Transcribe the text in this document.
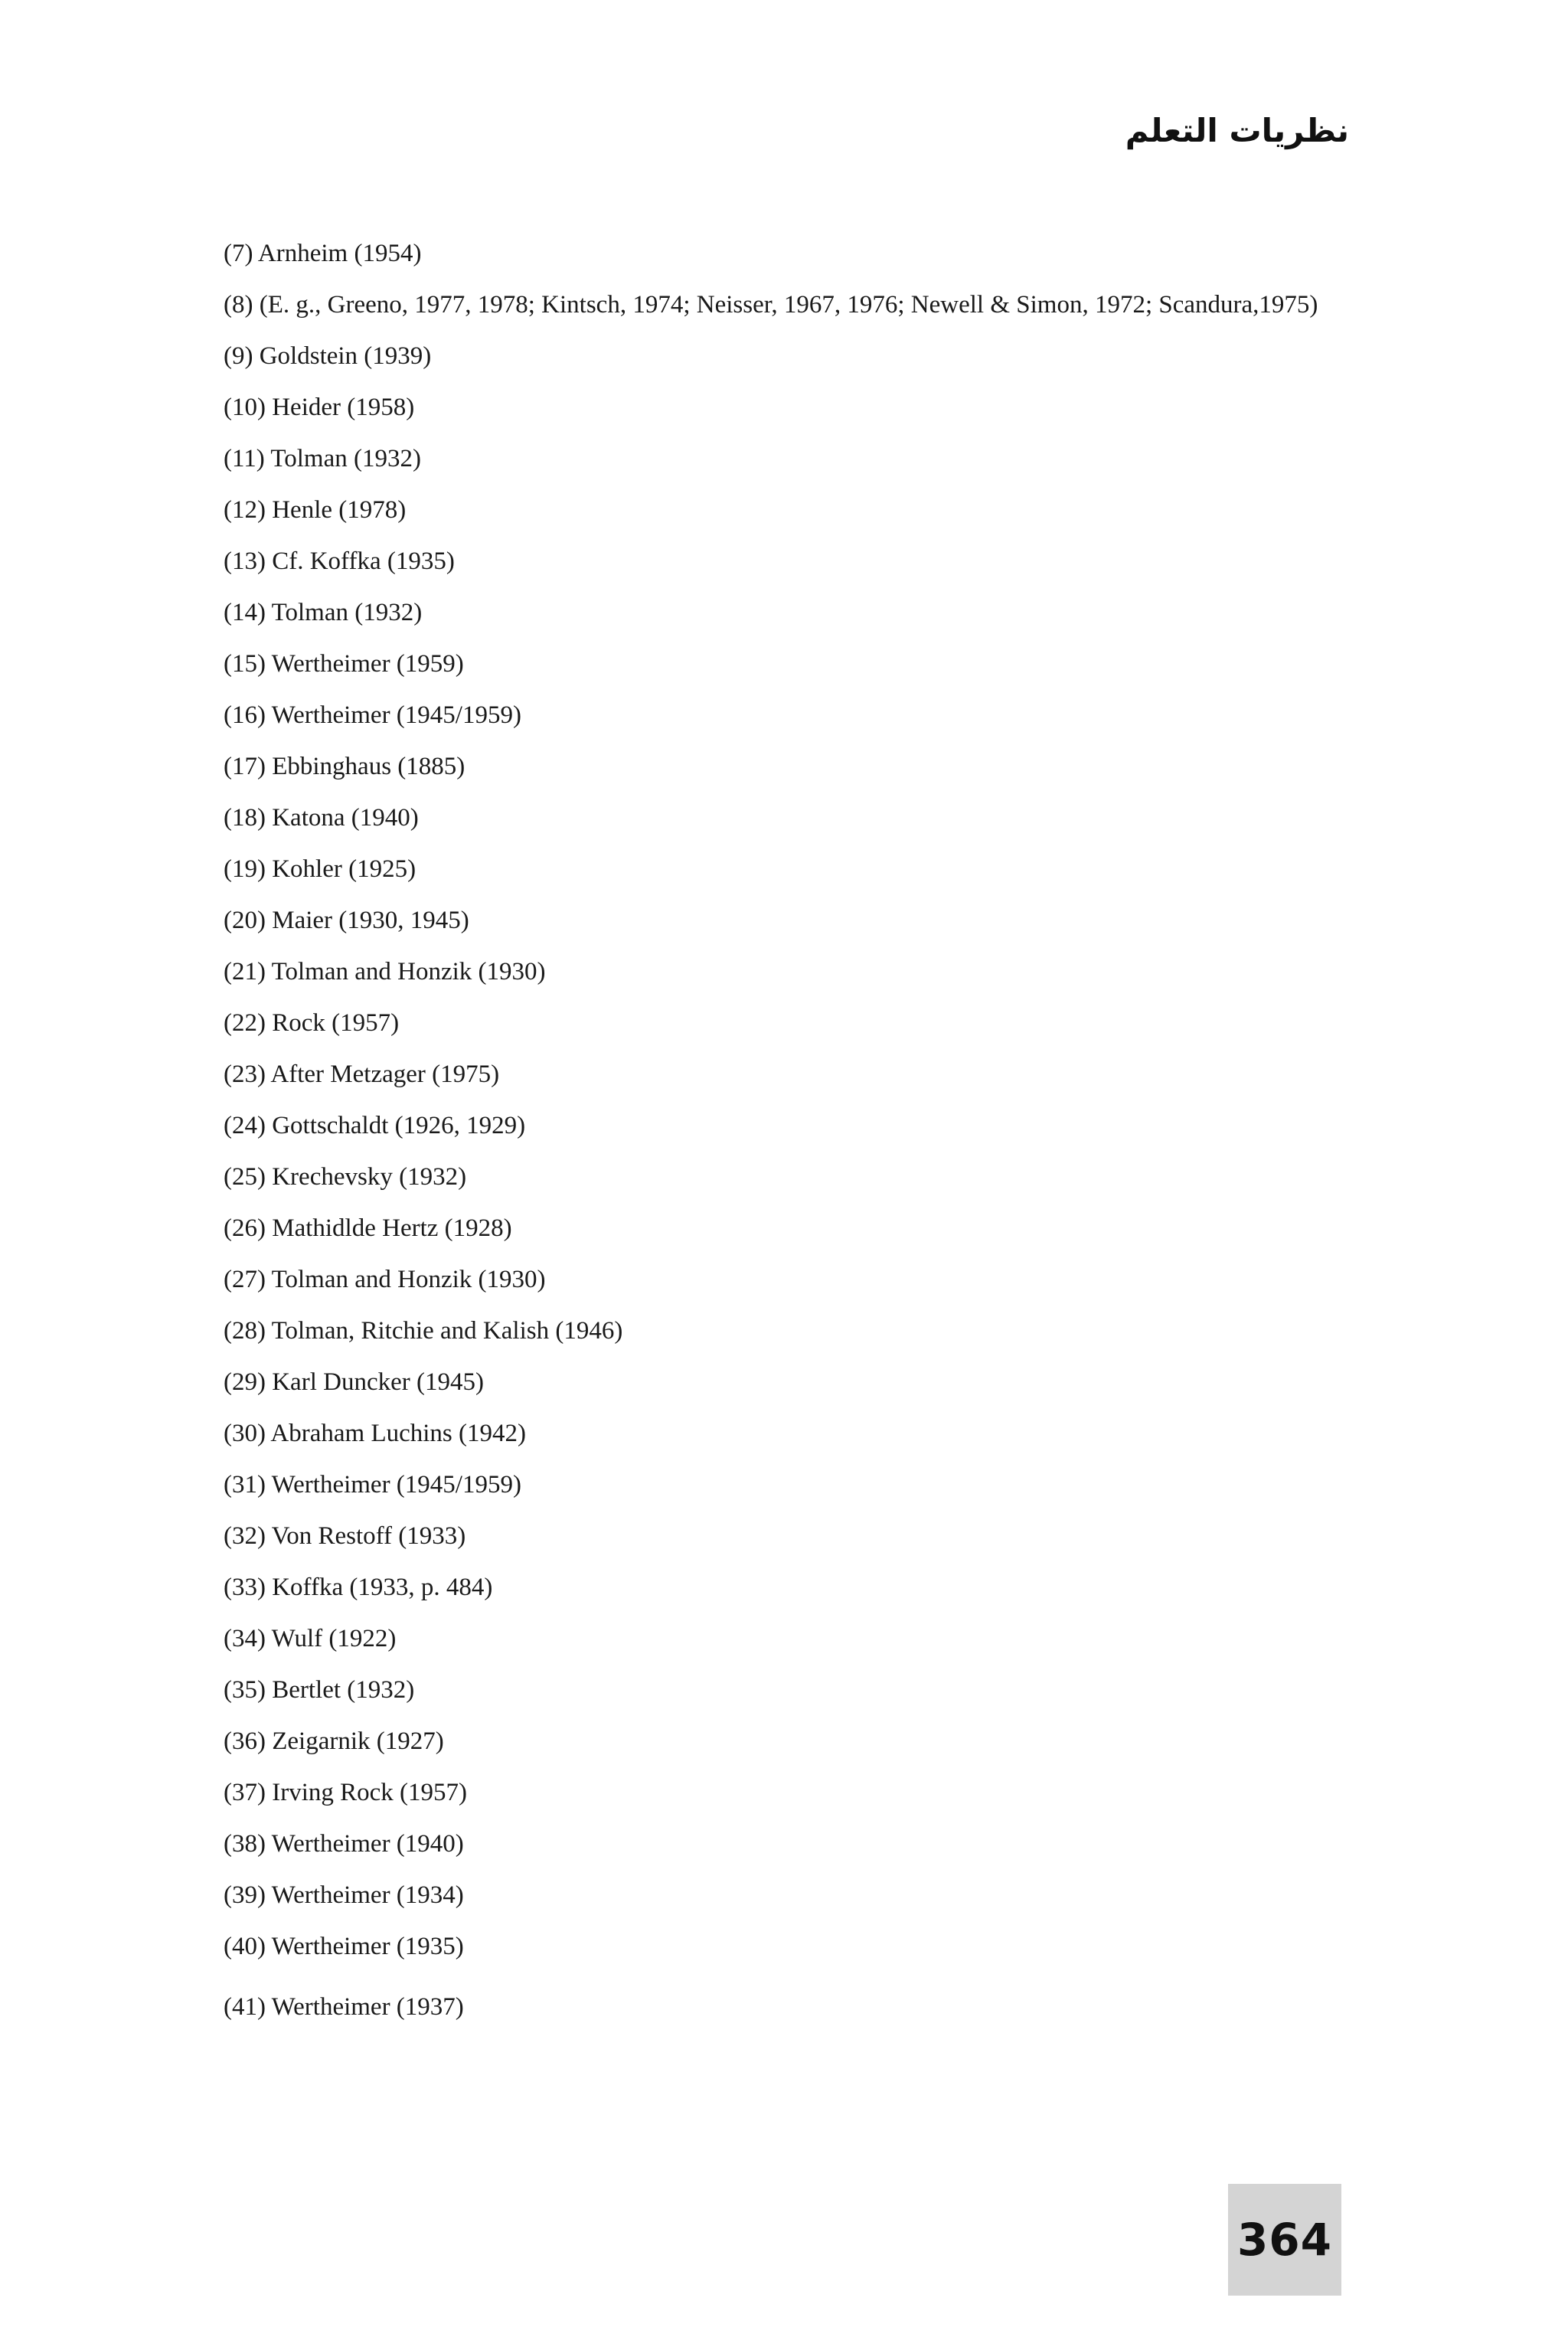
نظريات التعلم
(7) Arnheim (1954)
(8) (E. g., Greeno, 1977, 1978; Kintsch, 1974; Neisser, 1967, 1976; Newell & Simon, 1972; Scandura,1975)
(9) Goldstein (1939)
(10) Heider (1958)
(11) Tolman (1932)
(12) Henle (1978)
(13) Cf. Koffka (1935)
(14) Tolman (1932)
(15) Wertheimer (1959)
(16) Wertheimer (1945/1959)
(17) Ebbinghaus (1885)
(18) Katona (1940)
(19) Kohler (1925)
(20) Maier (1930, 1945)
(21) Tolman and Honzik (1930)
(22) Rock (1957)
(23) After Metzager (1975)
(24) Gottschaldt (1926, 1929)
(25) Krechevsky (1932)
(26) Mathidlde Hertz (1928)
(27) Tolman and Honzik (1930)
(28) Tolman, Ritchie and Kalish (1946)
(29) Karl Duncker (1945)
(30) Abraham Luchins (1942)
(31) Wertheimer (1945/1959)
(32) Von Restoff (1933)
(33) Koffka (1933, p. 484)
(34) Wulf (1922)
(35) Bertlet (1932)
(36) Zeigarnik (1927)
(37) Irving Rock (1957)
(38) Wertheimer (1940)
(39) Wertheimer (1934)
(40) Wertheimer (1935)
(41) Wertheimer (1937)
364
